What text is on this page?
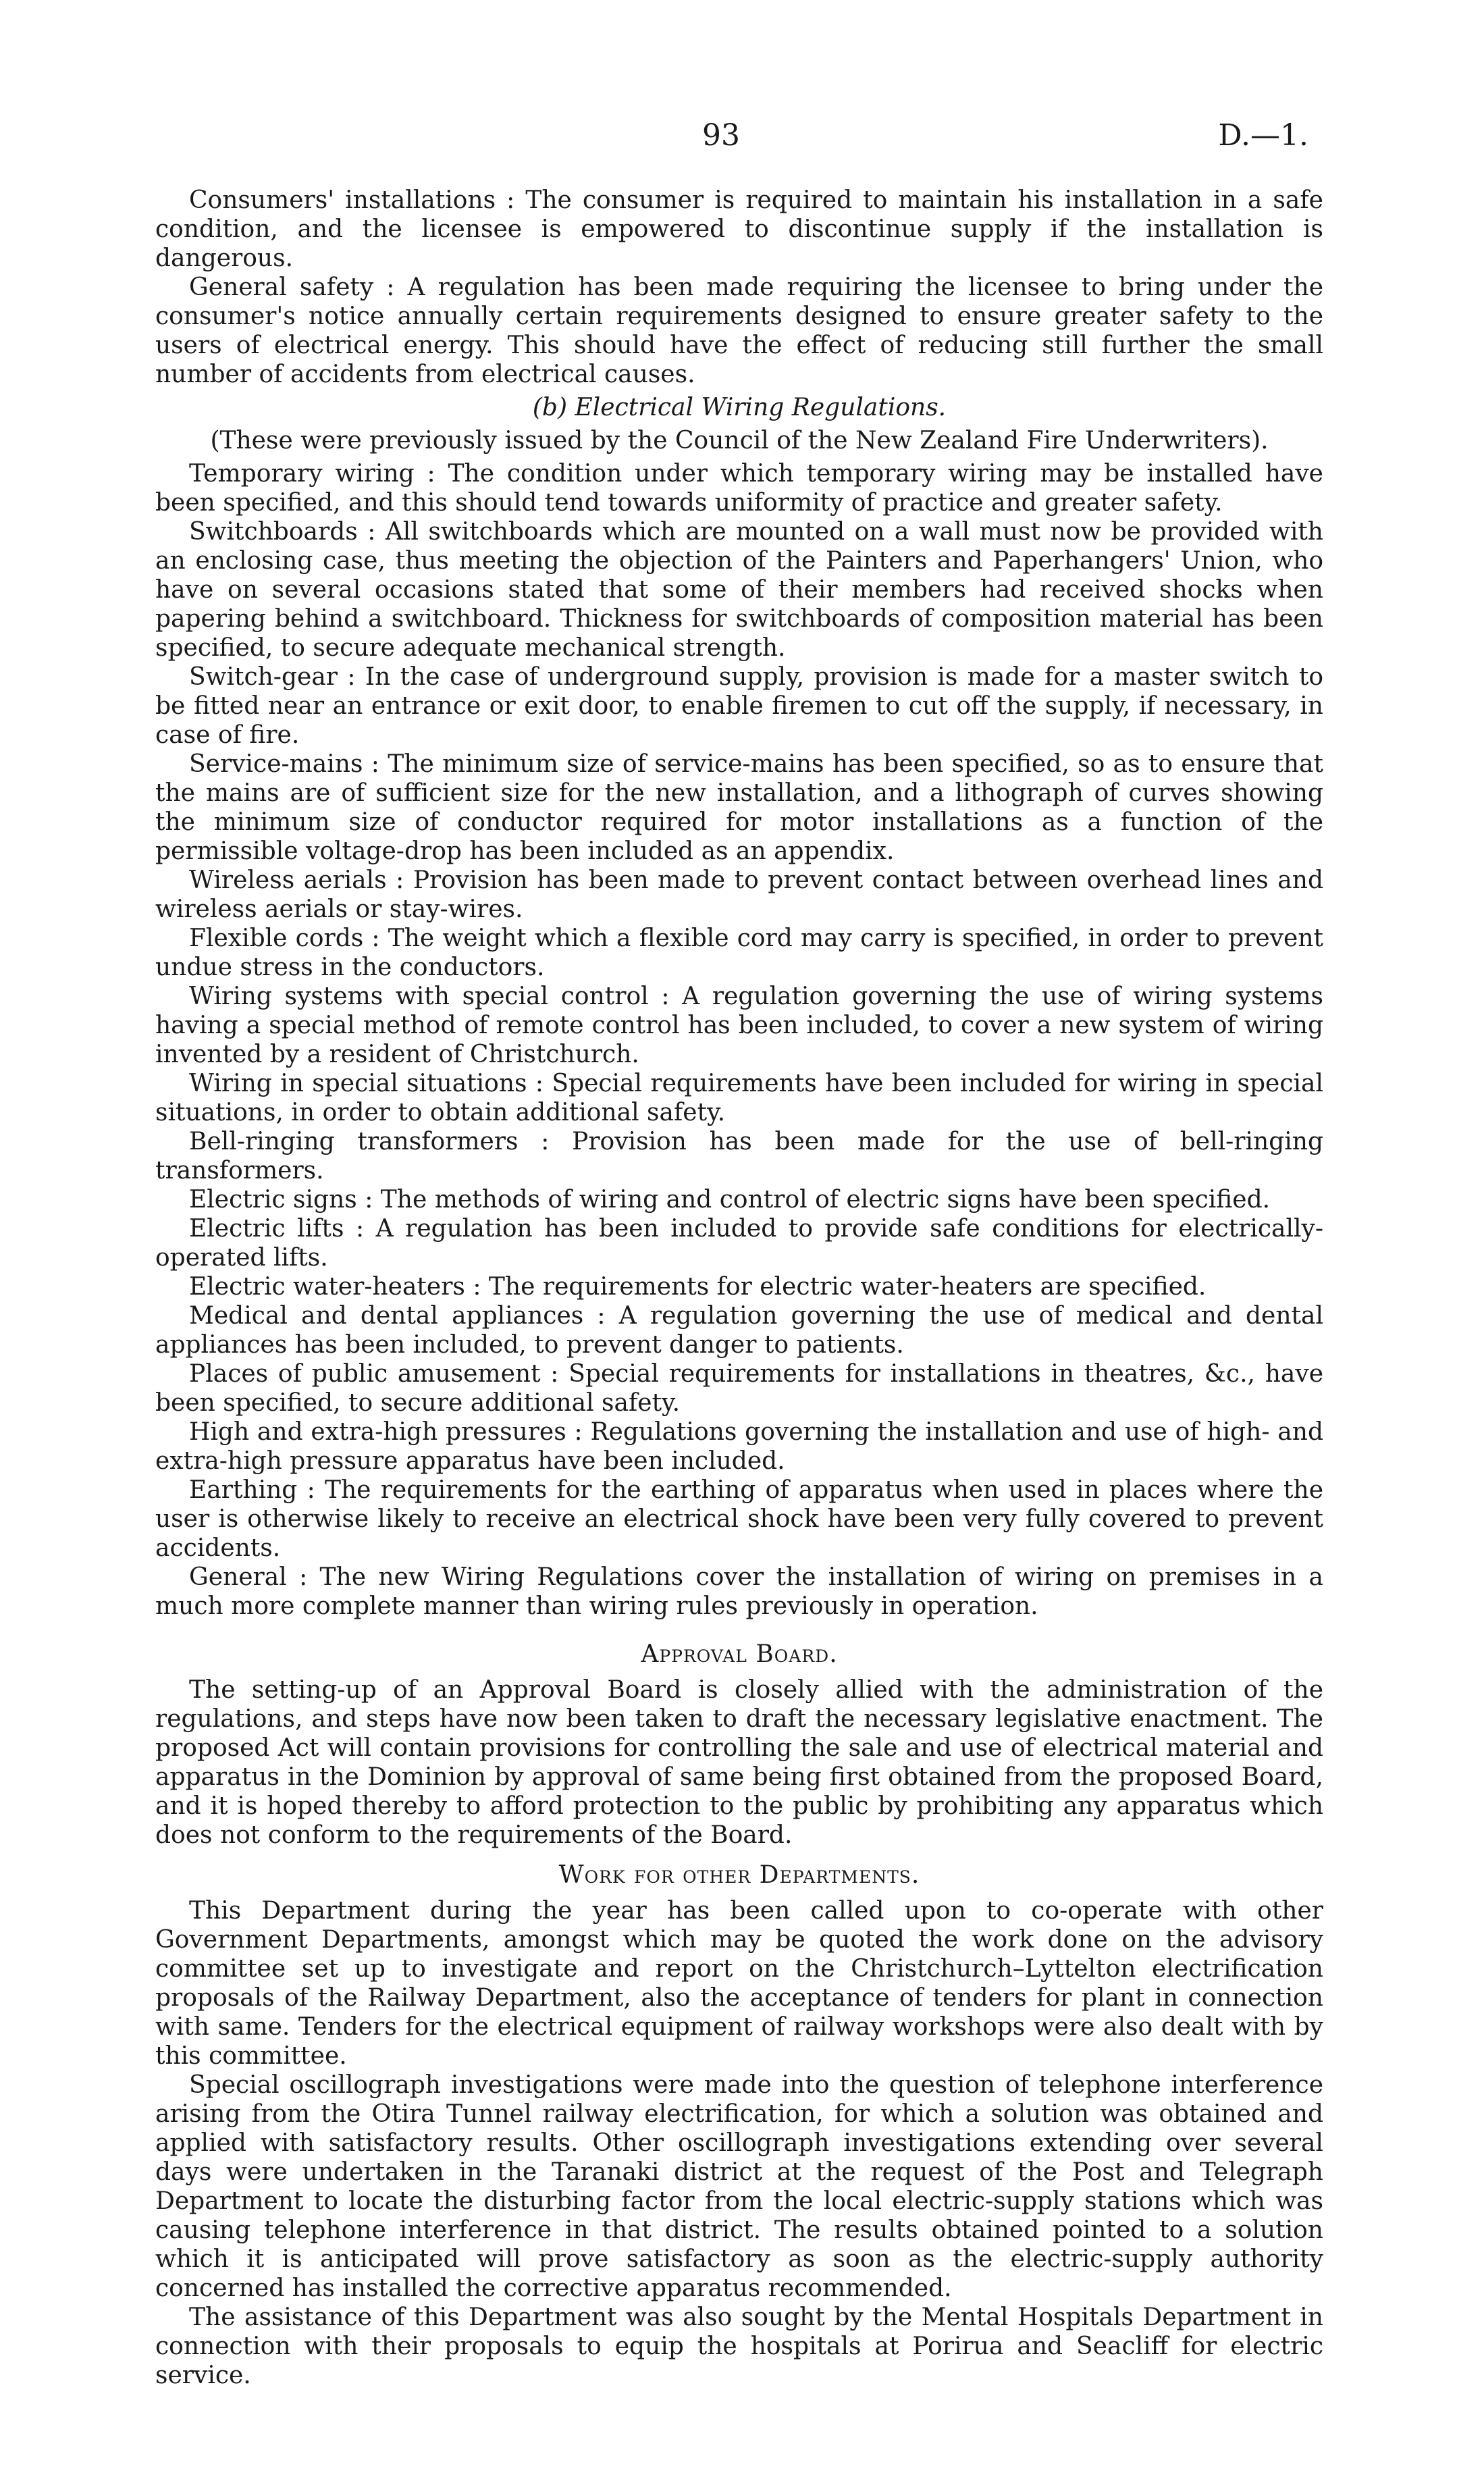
93	D.—1.

Consumers' installations : The consumer is required to maintain his installation in a safe condition, and the licensee is empowered to discontinue supply if the installation is dangerous.

General safety : A regulation has been made requiring the licensee to bring under the consumer's notice annually certain requirements designed to ensure greater safety to the users of electrical energy. This should have the effect of reducing still further the small number of accidents from electrical causes.

(b) Electrical Wiring Regulations.
(These were previously issued by the Council of the New Zealand Fire Underwriters).

Temporary wiring : The condition under which temporary wiring may be installed have been specified, and this should tend towards uniformity of practice and greater safety.

Switchboards : All switchboards which are mounted on a wall must now be provided with an enclosing case, thus meeting the objection of the Painters and Paperhangers' Union, who have on several occasions stated that some of their members had received shocks when papering behind a switchboard. Thickness for switchboards of composition material has been specified, to secure adequate mechanical strength.

Switch-gear : In the case of underground supply, provision is made for a master switch to be fitted near an entrance or exit door, to enable firemen to cut off the supply, if necessary, in case of fire.

Service-mains : The minimum size of service-mains has been specified, so as to ensure that the mains are of sufficient size for the new installation, and a lithograph of curves showing the minimum size of conductor required for motor installations as a function of the permissible voltage-drop has been included as an appendix.

Wireless aerials : Provision has been made to prevent contact between overhead lines and wireless aerials or stay-wires.

Flexible cords : The weight which a flexible cord may carry is specified, in order to prevent undue stress in the conductors.

Wiring systems with special control : A regulation governing the use of wiring systems having a special method of remote control has been included, to cover a new system of wiring invented by a resident of Christchurch.

Wiring in special situations : Special requirements have been included for wiring in special situations, in order to obtain additional safety.

Bell-ringing transformers : Provision has been made for the use of bell-ringing transformers.

Electric signs : The methods of wiring and control of electric signs have been specified.

Electric lifts : A regulation has been included to provide safe conditions for electrically-operated lifts.

Electric water-heaters : The requirements for electric water-heaters are specified.

Medical and dental appliances : A regulation governing the use of medical and dental appliances has been included, to prevent danger to patients.

Places of public amusement : Special requirements for installations in theatres, &c., have been specified, to secure additional safety.

High and extra-high pressures : Regulations governing the installation and use of high- and extra-high pressure apparatus have been included.

Earthing : The requirements for the earthing of apparatus when used in places where the user is otherwise likely to receive an electrical shock have been very fully covered to prevent accidents.

General : The new Wiring Regulations cover the installation of wiring on premises in a much more complete manner than wiring rules previously in operation.

Approval Board.

The setting-up of an Approval Board is closely allied with the administration of the regulations, and steps have now been taken to draft the necessary legislative enactment. The proposed Act will contain provisions for controlling the sale and use of electrical material and apparatus in the Dominion by approval of same being first obtained from the proposed Board, and it is hoped thereby to afford protection to the public by prohibiting any apparatus which does not conform to the requirements of the Board.

Work for other Departments.

This Department during the year has been called upon to co-operate with other Government Departments, amongst which may be quoted the work done on the advisory committee set up to investigate and report on the Christchurch–Lyttelton electrification proposals of the Railway Department, also the acceptance of tenders for plant in connection with same. Tenders for the electrical equipment of railway workshops were also dealt with by this committee.

Special oscillograph investigations were made into the question of telephone interference arising from the Otira Tunnel railway electrification, for which a solution was obtained and applied with satisfactory results. Other oscillograph investigations extending over several days were undertaken in the Taranaki district at the request of the Post and Telegraph Department to locate the disturbing factor from the local electric-supply stations which was causing telephone interference in that district. The results obtained pointed to a solution which it is anticipated will prove satisfactory as soon as the electric-supply authority concerned has installed the corrective apparatus recommended.

The assistance of this Department was also sought by the Mental Hospitals Department in connection with their proposals to equip the hospitals at Porirua and Seacliff for electric service.
